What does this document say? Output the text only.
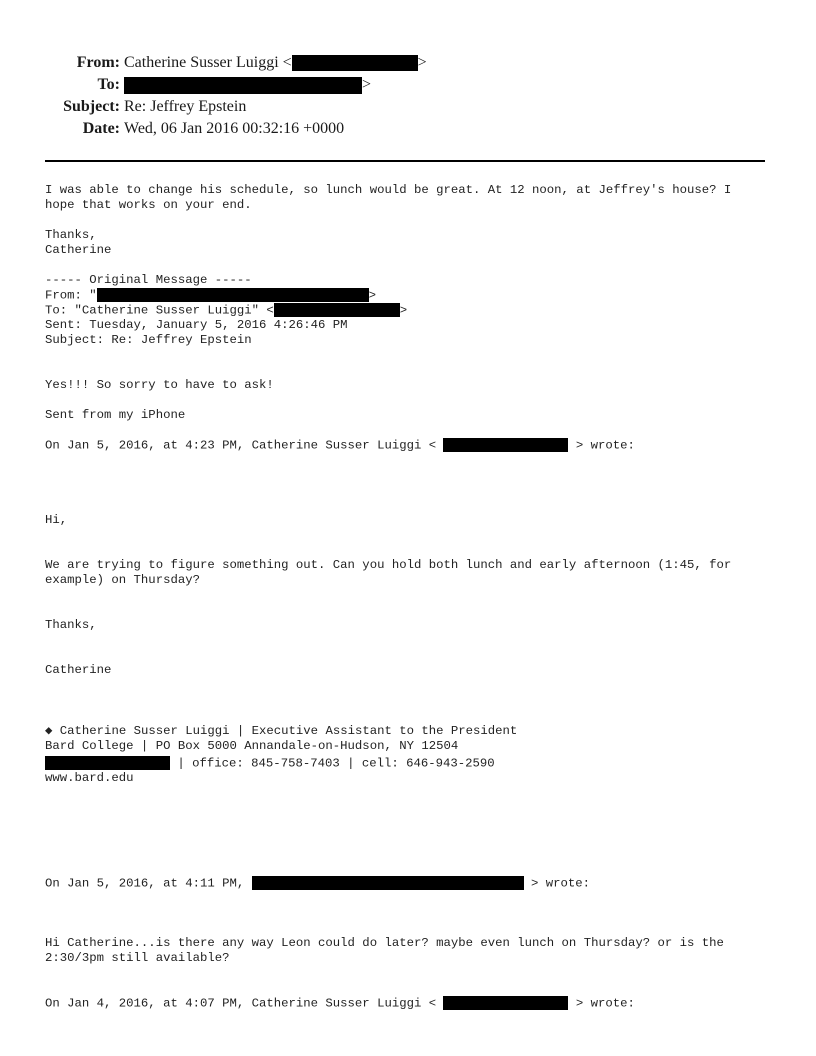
From: Catherine Susser Luiggi <	>
To:	>
Subject: Re: Jeffrey Epstein
Date: Wed, 06 Jan 2016 00:32:16 +0000
I was able to change his schedule, so lunch would be great. At 12 noon, at Jeffrey's house? I
hope that works on your end.
Thanks,
Catherine
----- Original Message -----
From: "	>
To: "Catherine Susser Luiggi" <	>
Sent: Tuesday, January 5, 2016 4:26:46 PM
Subject: Re: Jeffrey Epstein
Yes!!! So sorry to have to ask!
Sent from my iPhone
On Jan 5, 2016, at 4:23 PM, Catherine Susser Luiggi <	> wrote:
Hi,
We are trying to figure something out. Can you hold both lunch and early afternoon (1:45, for
example) on Thursday?
Thanks,
Catherine
◆ Catherine Susser Luiggi | Executive Assistant to the President
Bard College | PO Box 5000 Annandale-on-Hudson, NY 12504
| office: 845-758-7403 | cell: 646-943-2590
www.bard.edu
On Jan 5, 2016, at 4:11 PM,	> wrote:
Hi Catherine...is there any way Leon could do later? maybe even lunch on Thursday? or is the
2:30/3pm still available?
On Jan 4, 2016, at 4:07 PM, Catherine Susser Luiggi <	> wrote:
